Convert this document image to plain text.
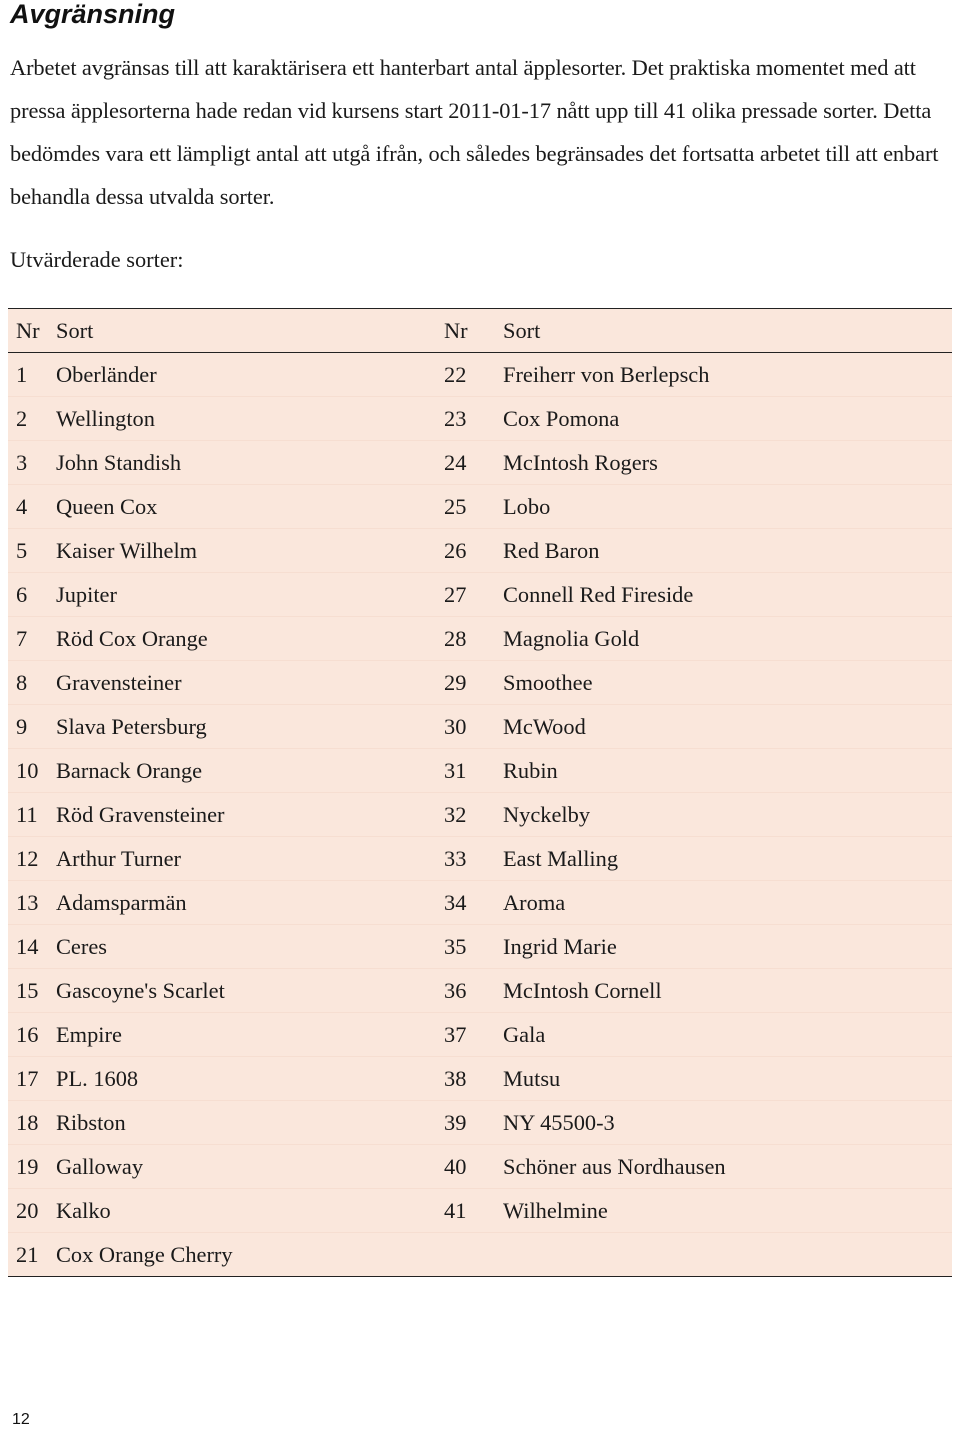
Avgränsning

Arbetet avgränsas till att karaktärisera ett hanterbart antal äpplesorter. Det praktiska momentet med att pressa äpplesorterna hade redan vid kursens start 2011-01-17 nått upp till 41 olika pressade sorter. Detta bedömdes vara ett lämpligt antal att utgå ifrån, och således begränsades det fortsatta arbetet till att enbart behandla dessa utvalda sorter.

Utvärderade sorter:

Nr Sort	Nr Sort
1 Oberländer	22 Freiherr von Berlepsch
2 Wellington	23 Cox Pomona
3 John Standish	24 McIntosh Rogers
4 Queen Cox	25 Lobo
5 Kaiser Wilhelm	26 Red Baron
6 Jupiter	27 Connell Red Fireside
7 Röd Cox Orange	28 Magnolia Gold
8 Gravensteiner	29 Smoothee
9 Slava Petersburg	30 McWood
10 Barnack Orange	31 Rubin
11 Röd Gravensteiner	32 Nyckelby
12 Arthur Turner	33 East Malling
13 Adamsparmän	34 Aroma
14 Ceres	35 Ingrid Marie
15 Gascoyne's Scarlet	36 McIntosh Cornell
16 Empire	37 Gala
17 PL. 1608	38 Mutsu
18 Ribston	39 NY 45500-3
19 Galloway	40 Schöner aus Nordhausen
20 Kalko	41 Wilhelmine
21 Cox Orange Cherry
12
